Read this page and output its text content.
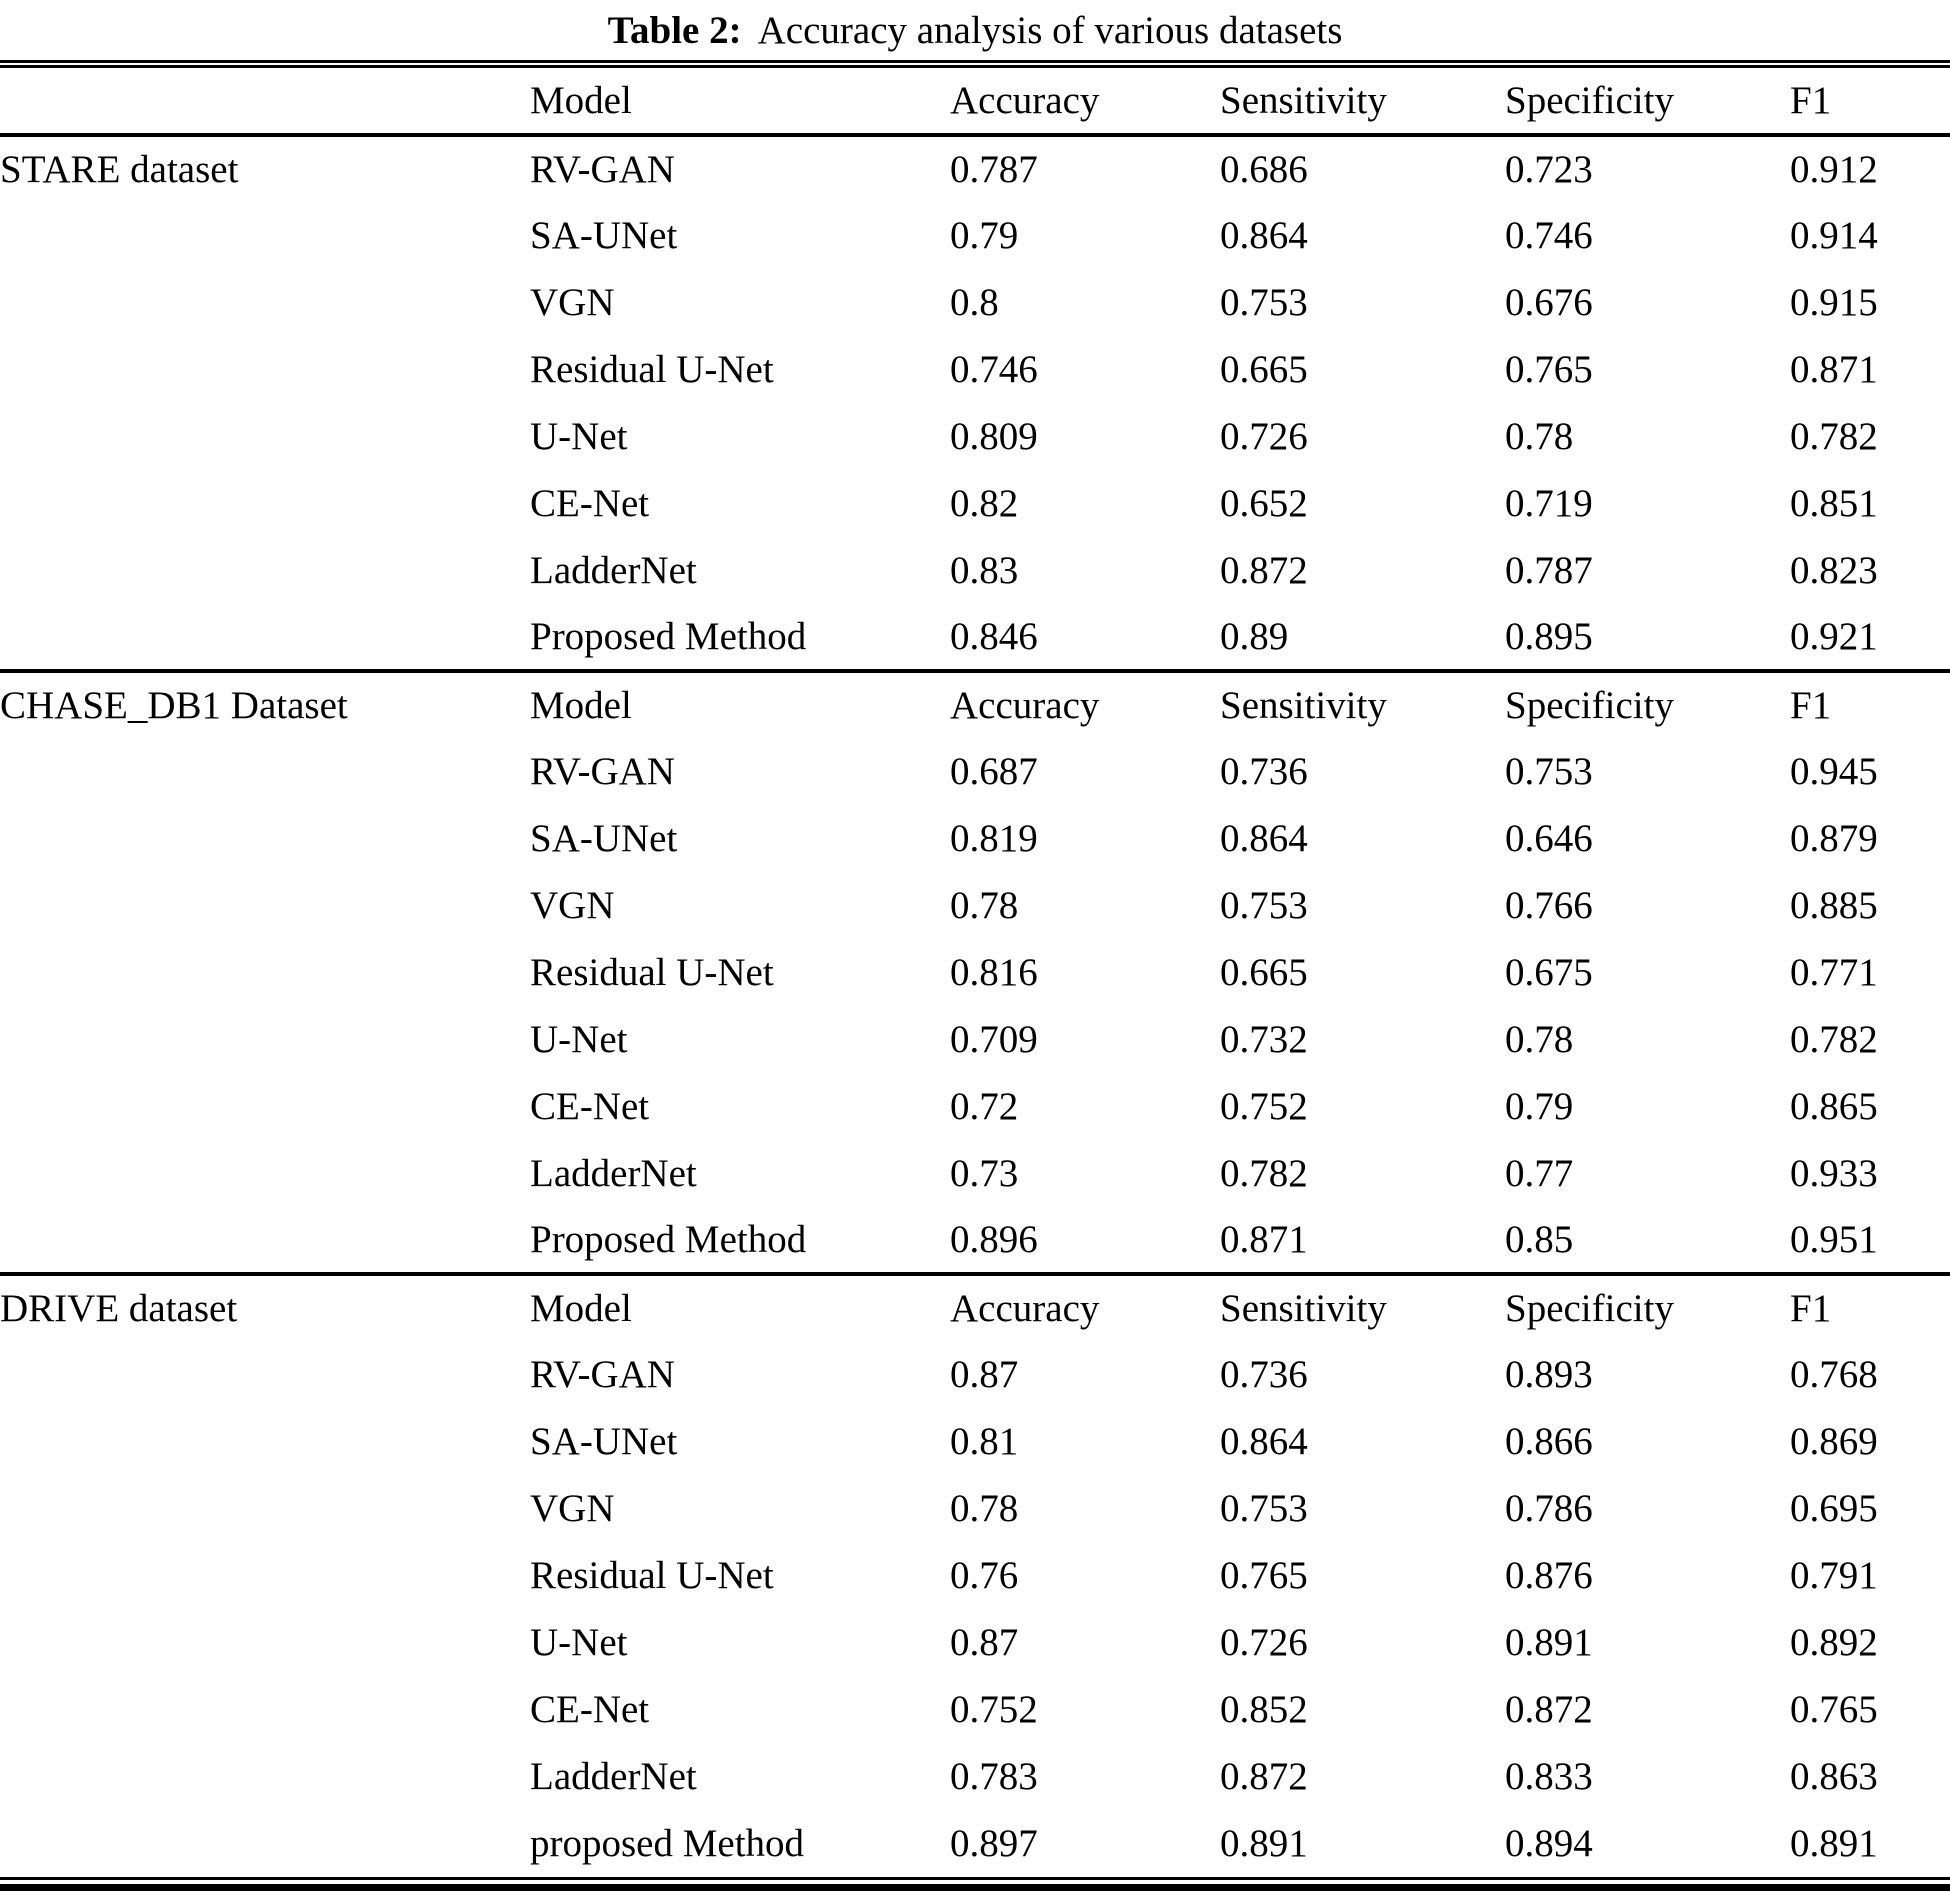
Table 2: Accuracy analysis of various datasets
	Model	Accuracy	Sensitivity	Specificity	F1
STARE dataset	RV-GAN	0.787	0.686	0.723	0.912
	SA-UNet	0.79	0.864	0.746	0.914
	VGN	0.8	0.753	0.676	0.915
	Residual U-Net	0.746	0.665	0.765	0.871
	U-Net	0.809	0.726	0.78	0.782
	CE-Net	0.82	0.652	0.719	0.851
	LadderNet	0.83	0.872	0.787	0.823
	Proposed Method	0.846	0.89	0.895	0.921
CHASE_DB1 Dataset	Model	Accuracy	Sensitivity	Specificity	F1
	RV-GAN	0.687	0.736	0.753	0.945
	SA-UNet	0.819	0.864	0.646	0.879
	VGN	0.78	0.753	0.766	0.885
	Residual U-Net	0.816	0.665	0.675	0.771
	U-Net	0.709	0.732	0.78	0.782
	CE-Net	0.72	0.752	0.79	0.865
	LadderNet	0.73	0.782	0.77	0.933
	Proposed Method	0.896	0.871	0.85	0.951
DRIVE dataset	Model	Accuracy	Sensitivity	Specificity	F1
	RV-GAN	0.87	0.736	0.893	0.768
	SA-UNet	0.81	0.864	0.866	0.869
	VGN	0.78	0.753	0.786	0.695
	Residual U-Net	0.76	0.765	0.876	0.791
	U-Net	0.87	0.726	0.891	0.892
	CE-Net	0.752	0.852	0.872	0.765
	LadderNet	0.783	0.872	0.833	0.863
	proposed Method	0.897	0.891	0.894	0.891
